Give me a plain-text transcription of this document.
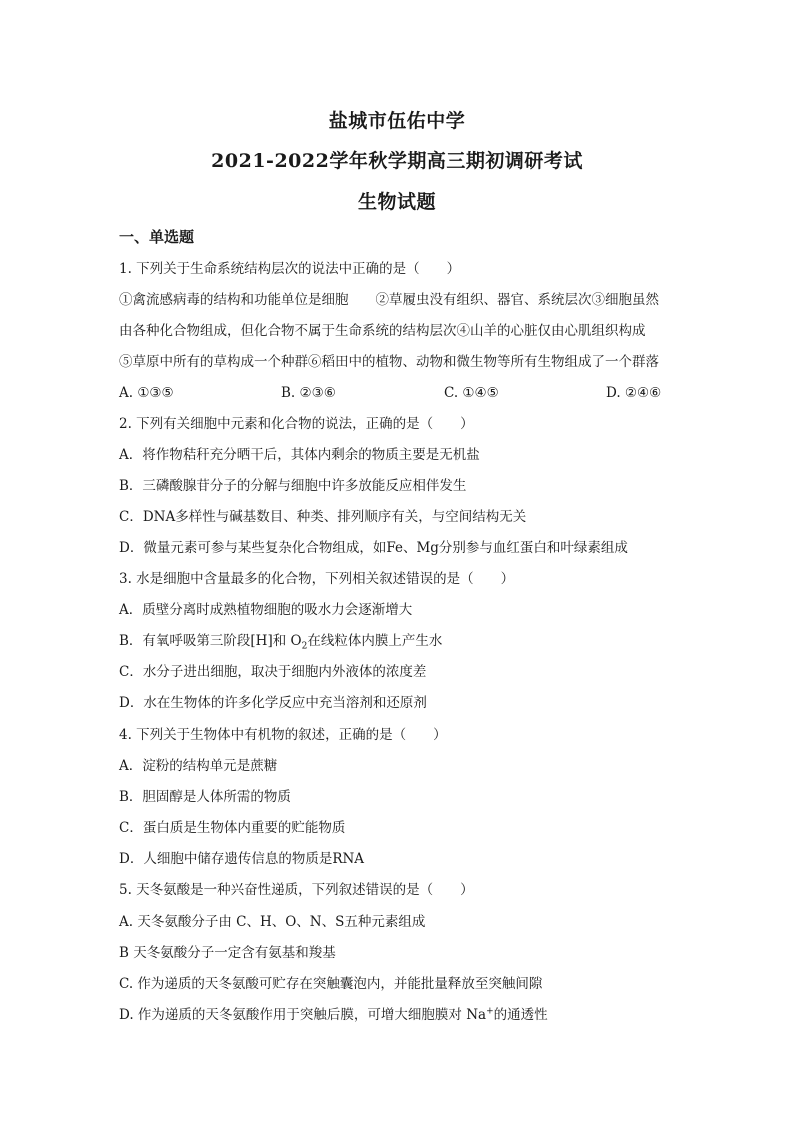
盐城市伍佑中学
2021-2022学年秋学期高三期初调研考试
生物试题
一、单选题
1. 下列关于生命系统结构层次的说法中正确的是（　　）
①禽流感病毒的结构和功能单位是细胞　　②草履虫没有组织、器官、系统层次③细胞虽然
由各种化合物组成，但化合物不属于生命系统的结构层次④山羊的心脏仅由心肌组织构成
⑤草原中所有的草构成一个种群⑥稻田中的植物、动物和微生物等所有生物组成了一个群落
A. ①③⑤	B. ②③⑥	C. ①④⑤	D. ②④⑥
2. 下列有关细胞中元素和化合物的说法，正确的是（　　）
A．将作物秸秆充分晒干后，其体内剩余的物质主要是无机盐
B．三磷酸腺苷分子的分解与细胞中许多放能反应相伴发生
C．DNA多样性与碱基数目、种类、排列顺序有关，与空间结构无关
D．微量元素可参与某些复杂化合物组成，如Fe、Mg分别参与血红蛋白和叶绿素组成
3. 水是细胞中含量最多的化合物，下列相关叙述错误的是（　　）
A．质壁分离时成熟植物细胞的吸水力会逐渐增大
B．有氧呼吸第三阶段[H]和 $O_2$在线粒体内膜上产生水
C．水分子进出细胞，取决于细胞内外液体的浓度差
D．水在生物体的许多化学反应中充当溶剂和还原剂
4. 下列关于生物体中有机物的叙述，正确的是（　　）
A．淀粉的结构单元是蔗糖
B．胆固醇是人体所需的物质
C．蛋白质是生物体内重要的贮能物质
D．人细胞中储存遗传信息的物质是RNA
5. 天冬氨酸是一种兴奋性递质，下列叙述错误的是（　　）
A. 天冬氨酸分子由 C、H、O、N、S五种元素组成
B 天冬氨酸分子一定含有氨基和羧基
C. 作为递质的天冬氨酸可贮存在突触囊泡内，并能批量释放至突触间隙
D. 作为递质的天冬氨酸作用于突触后膜，可增大细胞膜对 Na+的通透性
